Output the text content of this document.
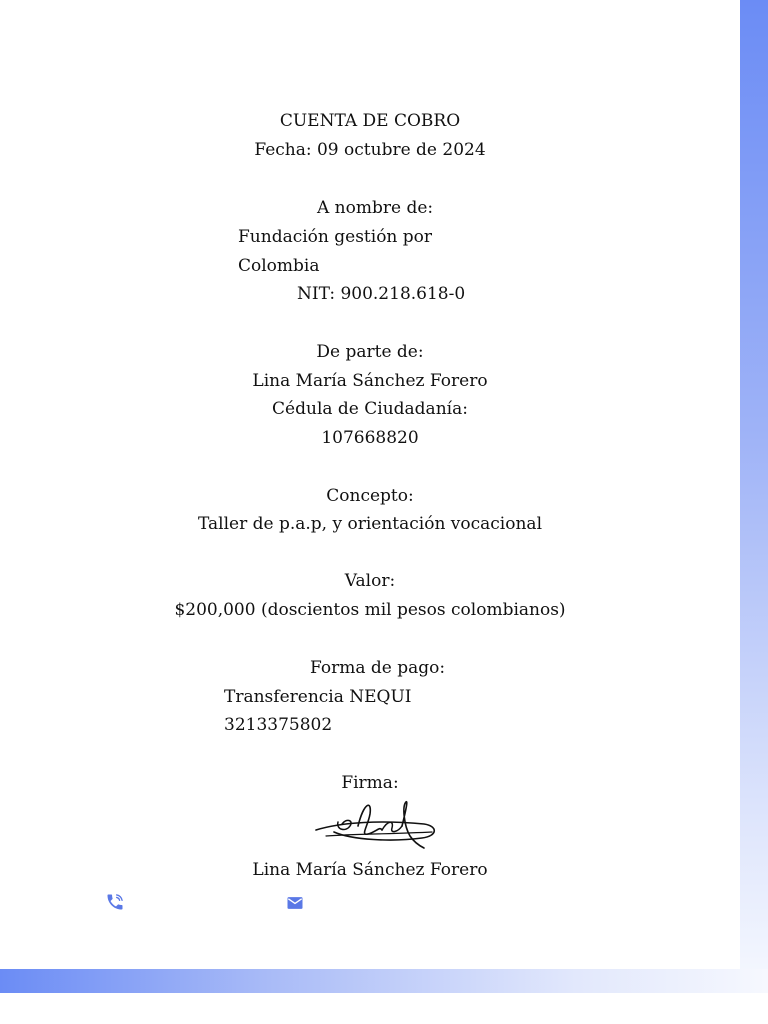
CUENTA DE COBRO
Fecha: 09 octubre de 2024
A nombre de:
Fundación gestión por
Colombia
NIT: 900.218.618-0
De parte de:
Lina María Sánchez Forero
Cédula de Ciudadanía:
107668820
Concepto:
Taller de p.a.p, y orientación vocacional
Valor:
$200,000 (doscientos mil pesos colombianos)
Forma de pago:
Transferencia NEQUI
3213375802
Firma:
Lina María Sánchez Forero
